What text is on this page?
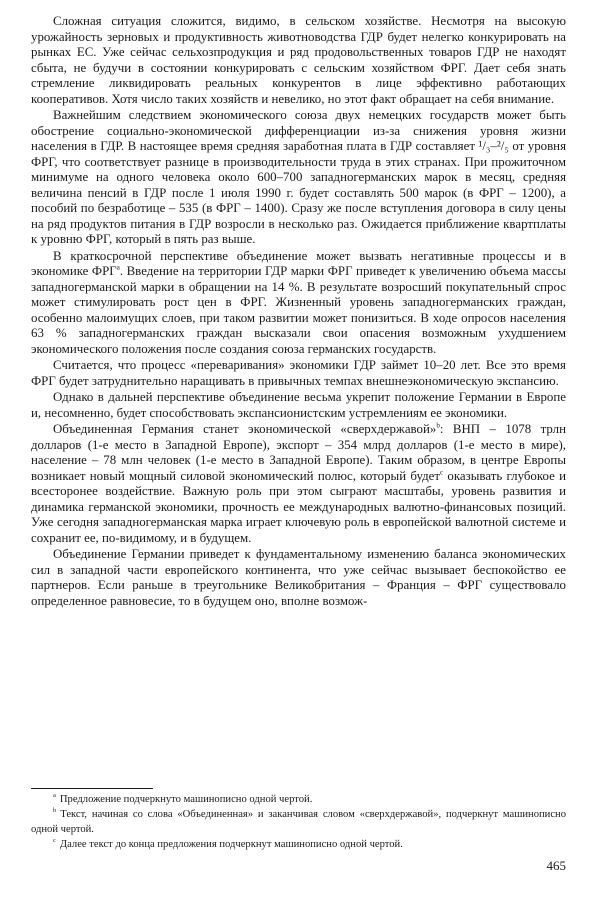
Сложная ситуация сложится, видимо, в сельском хозяйстве. Несмотря на высокую урожайность зерновых и продуктивность животноводства ГДР будет нелегко конкурировать на рынках ЕС. Уже сейчас сельхозпродукция и ряд продовольственных товаров ГДР не находят сбыта, не будучи в состоянии конкурировать с сельским хозяйством ФРГ. Дает себя знать стремление ликвидировать реальных конкурентов в лице эффективно работающих кооперативов. Хотя число таких хозяйств и невелико, но этот факт обращает на себя внимание.

Важнейшим следствием экономического союза двух немецких государств может быть обострение социально-экономической дифференциации из-за снижения уровня жизни населения в ГДР. В настоящее время средняя заработная плата в ГДР составляет ¹/₃–²/₅ от уровня ФРГ, что соответствует разнице в производительности труда в этих странах. При прожиточном минимуме на одного человека около 600–700 западногерманских марок в месяц, средняя величина пенсий в ГДР после 1 июля 1990 г. будет составлять 500 марок (в ФРГ – 1200), а пособий по безработице – 535 (в ФРГ – 1400). Сразу же после вступления договора в силу цены на ряд продуктов питания в ГДР возросли в несколько раз. Ожидается приближение квартплаты к уровню ФРГ, который в пять раз выше.

В краткосрочной перспективе объединение может вызвать негативные процессы и в экономике ФРГ$^a$. Введение на территории ГДР марки ФРГ приведет к увеличению объема массы западногерманской марки в обращении на 14 %. В результате возросший покупательный спрос может стимулировать рост цен в ФРГ. Жизненный уровень западногерманских граждан, особенно малоимущих слоев, при таком развитии может понизиться. В ходе опросов населения 63 % западногерманских граждан высказали свои опасения возможным ухудшением экономического положения после создания союза германских государств.

Считается, что процесс «переваривания» экономики ГДР займет 10–20 лет. Все это время ФРГ будет затруднительно наращивать в привычных темпах внешнеэкономическую экспансию.

Однако в дальней перспективе объединение весьма укрепит положение Германии в Европе и, несомненно, будет способствовать экспансионистским устремлениям ее экономики.

Объединенная Германия станет экономической «сверхдержавой»$^b$: ВНП – 1078 трлн долларов (1-е место в Западной Европе), экспорт – 354 млрд долларов (1-е место в мире), население – 78 млн человек (1-е место в Западной Европе). Таким образом, в центре Европы возникает новый мощный силовой экономический полюс, который будет$^c$ оказывать глубокое и всесторонее воздействие. Важную роль при этом сыграют масштабы, уровень развития и динамика германской экономики, прочность ее международных валютно-финансовых позиций. Уже сегодня западногерманская марка играет ключевую роль в европейской валютной системе и сохранит ее, по-видимому, и в будущем.

Объединение Германии приведет к фундаментальному изменению баланса экономических сил в западной части европейского континента, что уже сейчас вызывает беспокойство ее партнеров. Если раньше в треугольнике Великобритания – Франция – ФРГ существовало определенное равновесие, то в будущем оно, вполне возмож-

$^a$ Предложение подчеркнуто машинописно одной чертой.

$^b$ Текст, начиная со слова «Объединенная» и заканчивая словом «сверхдержавой», подчеркнут машинописно одной чертой.

$^c$ Далее текст до конца предложения подчеркнут машинописно одной чертой.

465
